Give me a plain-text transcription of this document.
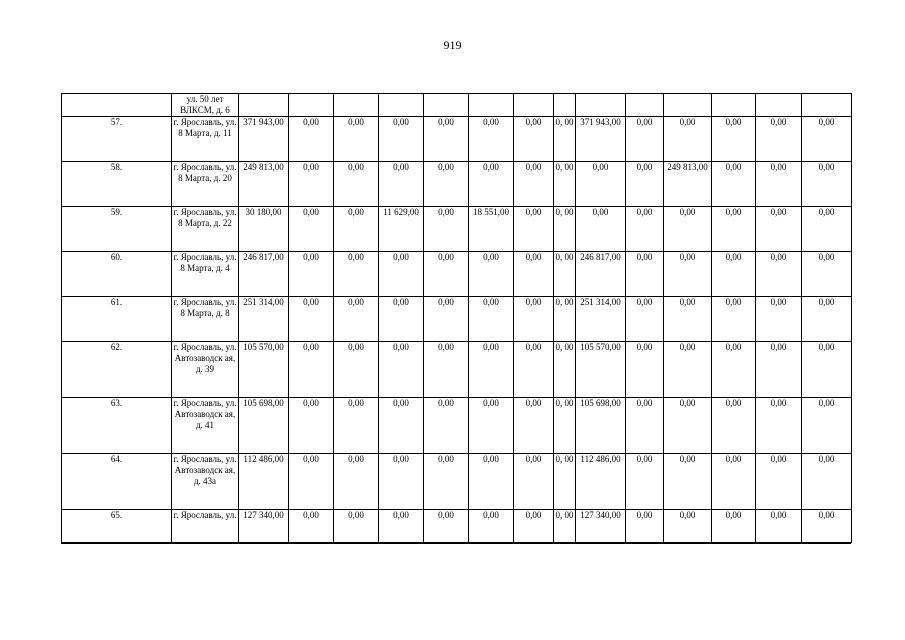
919
	ул. 50 лет ВЛКСМ, д. 6														
57.	г. Ярославль, ул. 8 Марта, д. 11	371 943,00	0,00	0,00	0,00	0,00	0,00	0,00	0, 00	371 943,00	0,00	0,00	0,00	0,00	0,00
58.	г. Ярославль, ул. 8 Марта, д. 20	249 813,00	0,00	0,00	0,00	0,00	0,00	0,00	0, 00	0,00	0,00	249 813,00	0,00	0,00	0,00
59.	г. Ярославль, ул. 8 Марта, д. 22	30 180,00	0,00	0,00	11 629,00	0,00	18 551,00	0,00	0, 00	0,00	0,00	0,00	0,00	0,00	0,00
60.	г. Ярославль, ул. 8 Марта, д. 4	246 817,00	0,00	0,00	0,00	0,00	0,00	0,00	0, 00	246 817,00	0,00	0,00	0,00	0,00	0,00
61.	г. Ярославль, ул. 8 Марта, д. 8	251 314,00	0,00	0,00	0,00	0,00	0,00	0,00	0, 00	251 314,00	0,00	0,00	0,00	0,00	0,00
62.	г. Ярославль, ул. Автозаводск ая, д. 39	105 570,00	0,00	0,00	0,00	0,00	0,00	0,00	0, 00	105 570,00	0,00	0,00	0,00	0,00	0,00
63.	г. Ярославль, ул. Автозаводск ая, д. 41	105 698,00	0,00	0,00	0,00	0,00	0,00	0,00	0, 00	105 698,00	0,00	0,00	0,00	0,00	0,00
64.	г. Ярославль, ул. Автозаводск ая, д. 43а	112 486,00	0,00	0,00	0,00	0,00	0,00	0,00	0, 00	112 486,00	0,00	0,00	0,00	0,00	0,00
65.	г. Ярославль, ул.	127 340,00	0,00	0,00	0,00	0,00	0,00	0,00	0, 00	127 340,00	0,00	0,00	0,00	0,00	0,00
